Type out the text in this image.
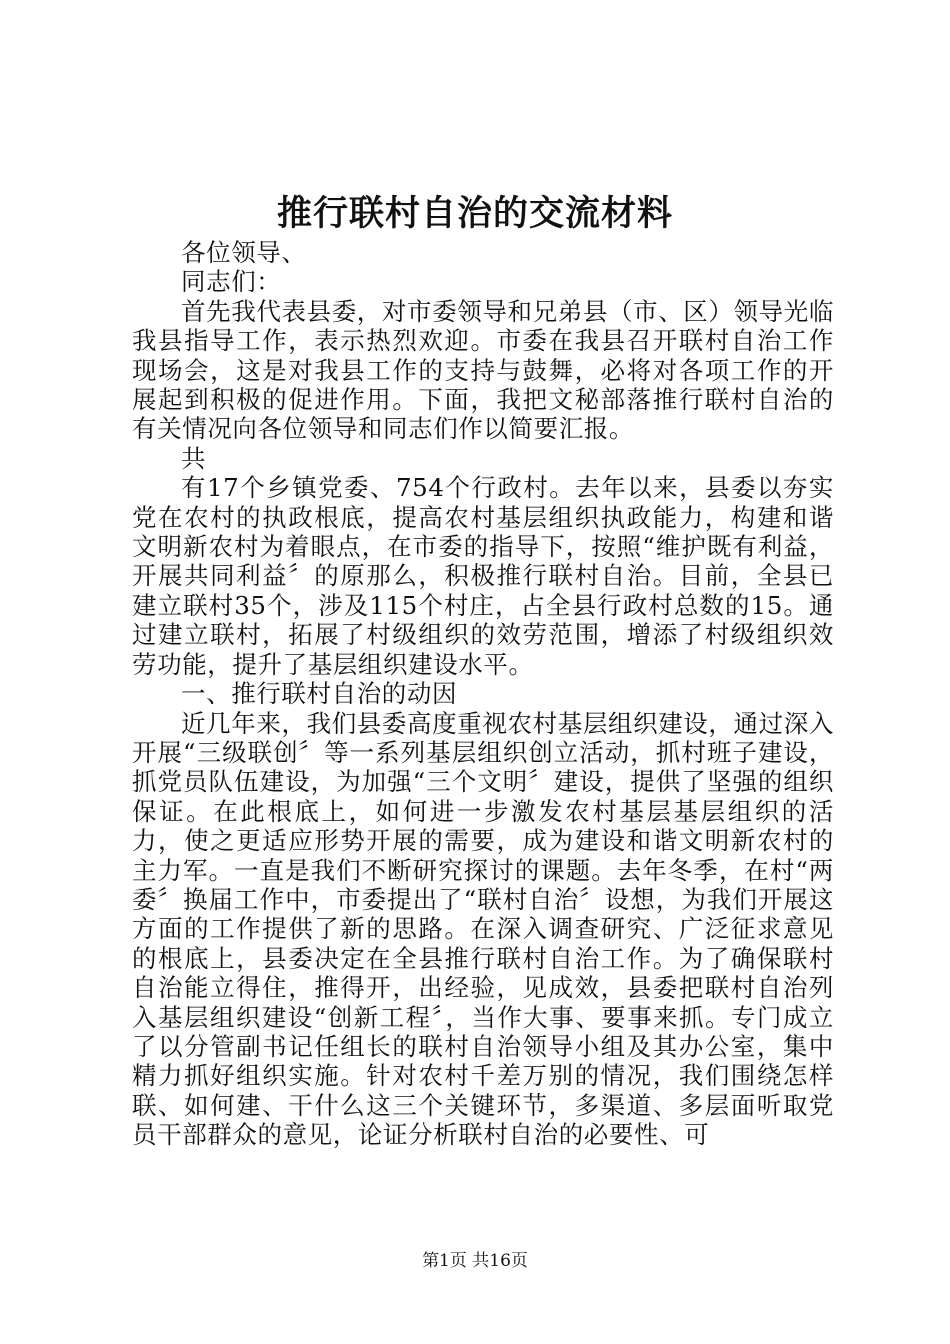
推行联村自治的交流材料

各位领导、

同志们：

首先我代表县委，对市委领导和兄弟县（市、区）领导光临我县指导工作，表示热烈欢迎。市委在我县召开联村自治工作现场会，这是对我县工作的支持与鼓舞，必将对各项工作的开展起到积极的促进作用。下面，我把文秘部落推行联村自治的有关情况向各位领导和同志们作以简要汇报。

共

有17个乡镇党委、754个行政村。去年以来，县委以夯实党在农村的执政根底，提高农村基层组织执政能力，构建和谐文明新农村为着眼点，在市委的指导下，按照“维护既有利益，开展共同利益〞的原那么，积极推行联村自治。目前，全县已建立联村35个，涉及115个村庄，占全县行政村总数的15。通过建立联村，拓展了村级组织的效劳范围，增添了村级组织效劳功能，提升了基层组织建设水平。

一、推行联村自治的动因

近几年来，我们县委高度重视农村基层组织建设，通过深入开展“三级联创〞等一系列基层组织创立活动，抓村班子建设，抓党员队伍建设，为加强“三个文明〞建设，提供了坚强的组织保证。在此根底上，如何进一步激发农村基层基层组织的活力，使之更适应形势开展的需要，成为建设和谐文明新农村的主力军。一直是我们不断研究探讨的课题。去年冬季，在村“两委〞换届工作中，市委提出了“联村自治〞设想，为我们开展这方面的工作提供了新的思路。在深入调查研究、广泛征求意见的根底上，县委决定在全县推行联村自治工作。为了确保联村自治能立得住，推得开，出经验，见成效，县委把联村自治列入基层组织建设“创新工程〞，当作大事、要事来抓。专门成立了以分管副书记任组长的联村自治领导小组及其办公室，集中精力抓好组织实施。针对农村千差万别的情况，我们围绕怎样联、如何建、干什么这三个关键环节，多渠道、多层面听取党员干部群众的意见，论证分析联村自治的必要性、可

第1页 共16页
